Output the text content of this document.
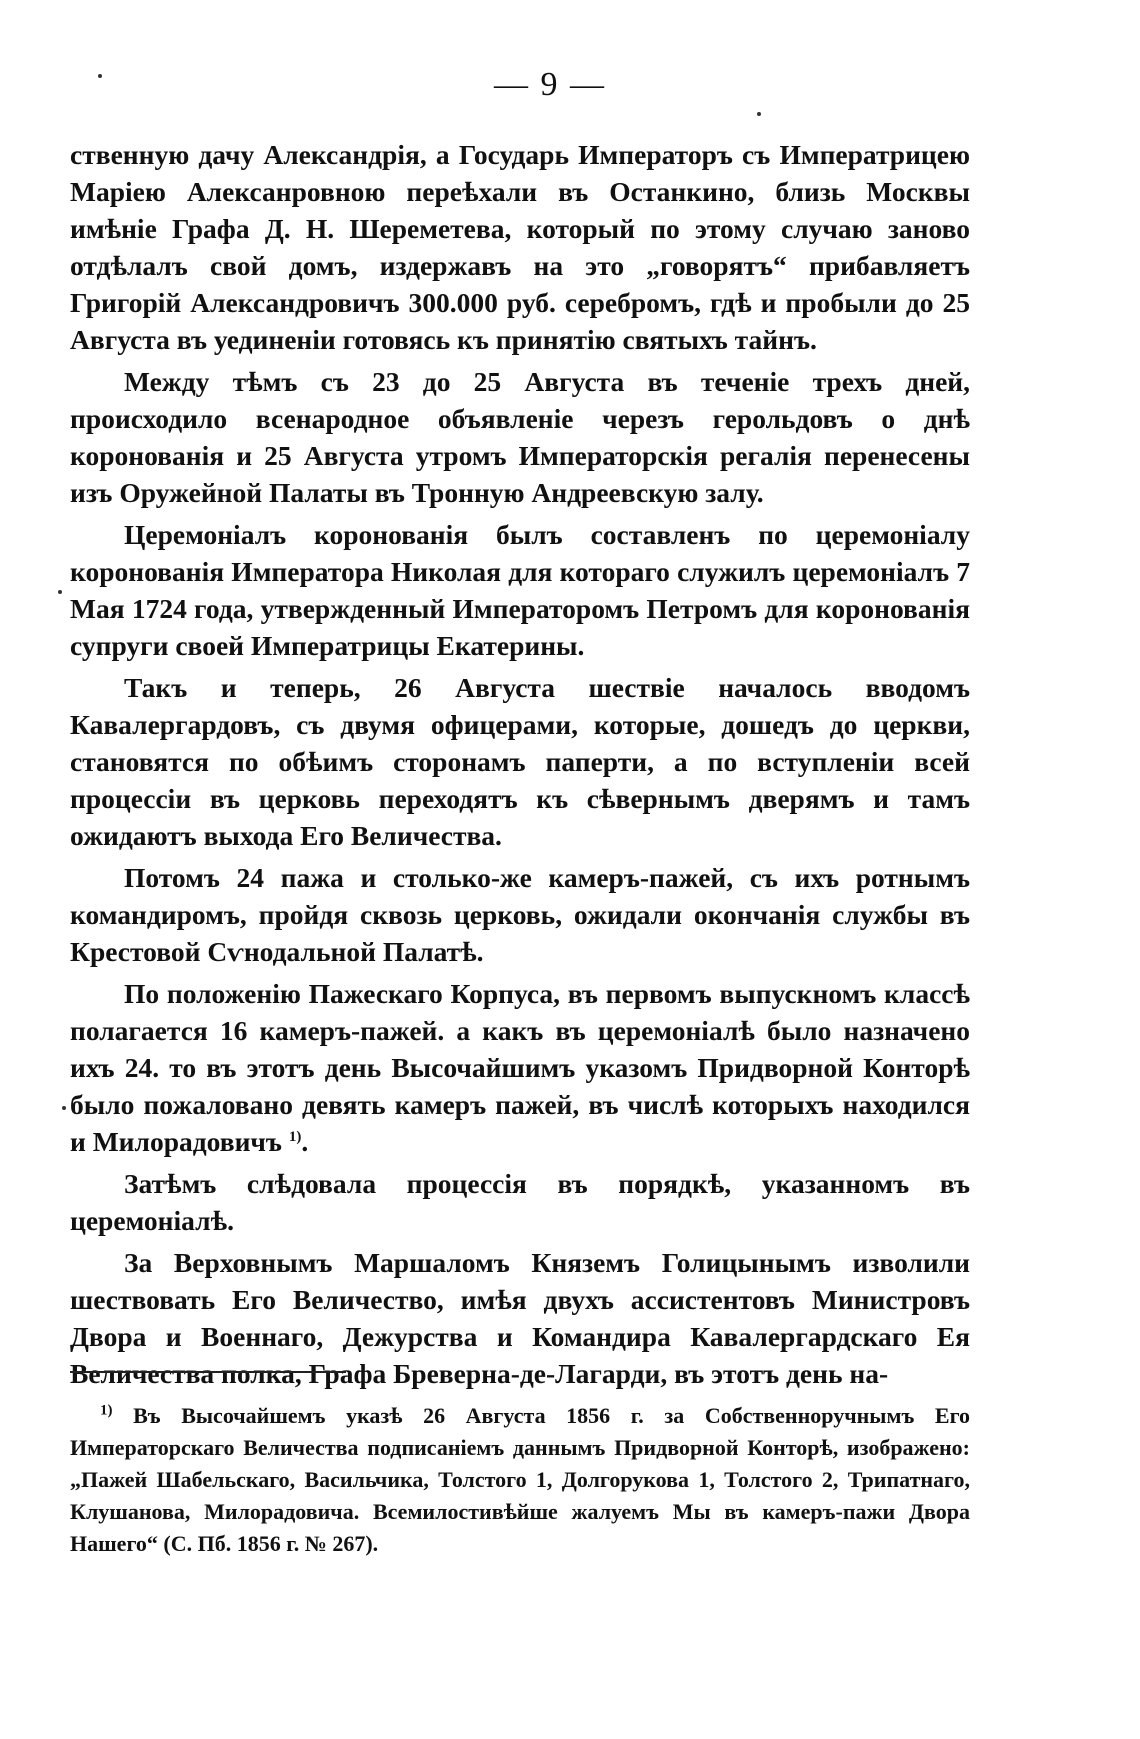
— 9 —

ственную дачу Александрія, а Государь Императоръ съ Императрицею Маріею Алексанровною переѣхали въ Останкино, близь Москвы имѣніе Графа Д. Н. Шереметева, который по этому случаю заново отдѣлалъ свой домъ, издержавъ на это „говорятъ“ прибавляетъ Григорій Александровичъ 300.000 руб. серебромъ, гдѣ и пробыли до 25 Августа въ уединеніи готовясь къ принятію святыхъ тайнъ.

Между тѣмъ съ 23 до 25 Августа въ теченіе трехъ дней, происходило всенародное объявленіе черезъ герольдовъ о днѣ коронованія и 25 Августа утромъ Императорскія регалія перенесены изъ Оружейной Палаты въ Тронную Андреевскую залу.

Церемоніалъ коронованія былъ составленъ по церемоніалу коронованія Императора Николая для котораго служилъ церемоніалъ 7 Мая 1724 года, утвержденный Императоромъ Петромъ для коронованія супруги своей Императрицы Екатерины.

Такъ и теперь, 26 Августа шествіе началось вводомъ Кавалергардовъ, съ двумя офицерами, которые, дошедъ до церкви, становятся по обѣимъ сторонамъ паперти, а по вступленіи всей процессіи въ церковь переходятъ къ сѣвернымъ дверямъ и тамъ ожидаютъ выхода Его Величества.

Потомъ 24 пажа и столько-же камеръ-пажей, съ ихъ ротнымъ командиромъ, пройдя сквозь церковь, ожидали окончанія службы въ Крестовой Сѵнодальной Палатѣ.

По положенію Пажескаго Корпуса, въ первомъ выпускномъ классѣ полагается 16 камеръ-пажей. а какъ въ церемоніалѣ было назначено ихъ 24. то въ этотъ день Высочайшимъ указомъ Придворной Конторѣ было пожаловано девять камеръ пажей, въ числѣ которыхъ находился и Милорадовичъ $^{1)}$.

Затѣмъ слѣдовала процессія въ порядкѣ, указанномъ въ церемоніалѣ.

За Верховнымъ Маршаломъ Княземъ Голицынымъ изволили шествовать Его Величество, имѣя двухъ ассистентовъ Министровъ Двора и Военнаго, Дежурства и Командира Кавалергардскаго Ея Величества полка, Графа Бреверна-де-Лагарди, въ этотъ день на-

$^{1)}$ Въ Высочайшемъ указѣ 26 Августа 1856 г. за Собственноручнымъ Его Императорскаго Величества подписаніемъ даннымъ Придворной Конторѣ, изображено: „Пажей Шабельскаго, Васильчика, Толстого 1, Долгорукова 1, Толстого 2, Трипатнаго, Клушанова, Милорадовича. Всемилостивѣйше жалуемъ Мы въ камеръ-пажи Двора Нашего“ (С. Пб. 1856 г. № 267).
